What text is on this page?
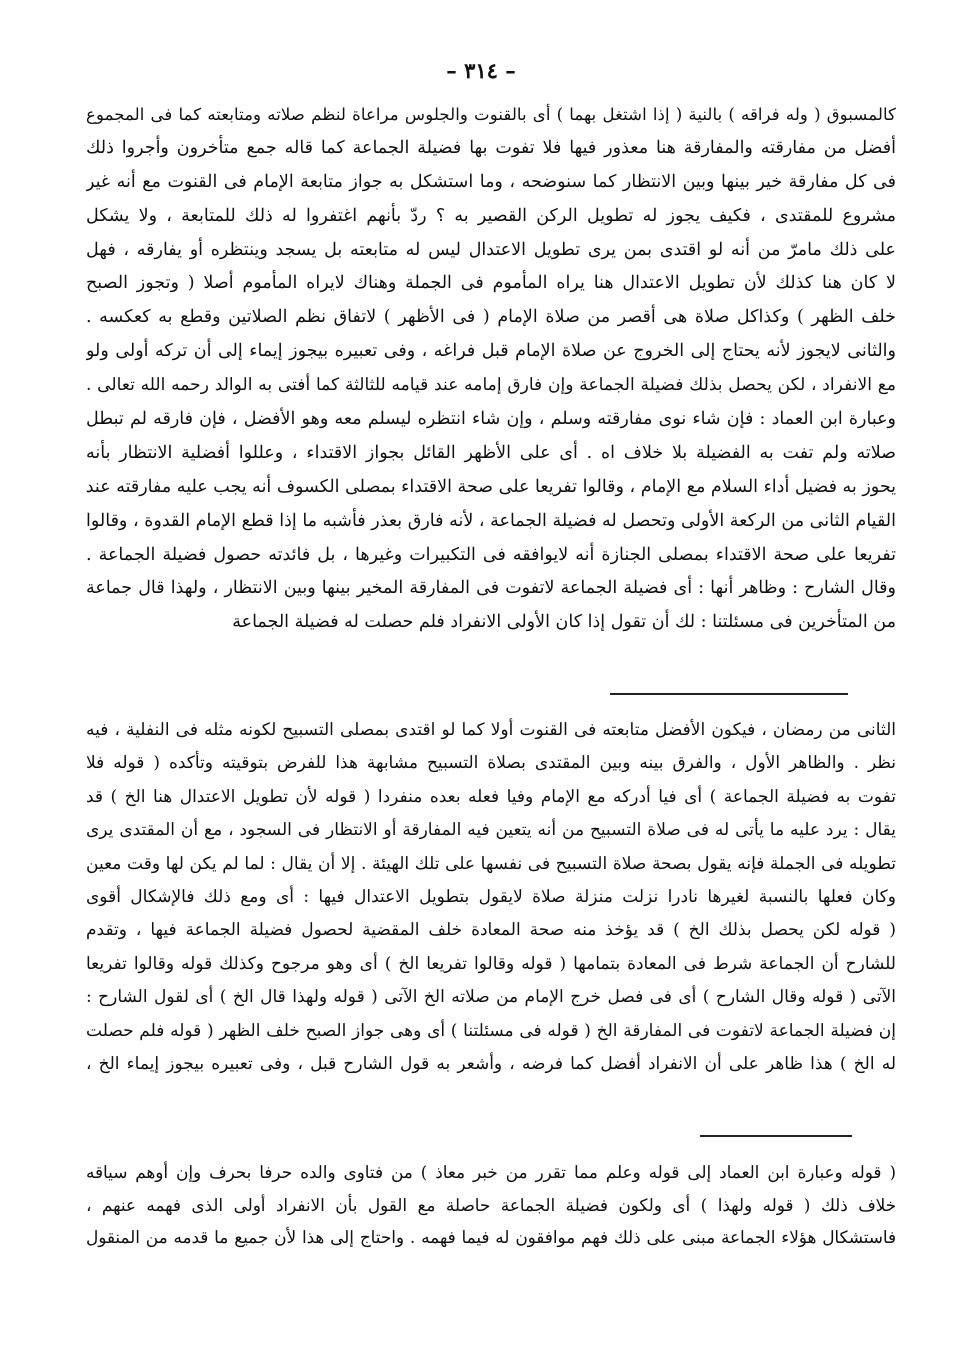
– ٣١٤ –
كالمسبوق ( وله فراقه ) بالنية ( إذا اشتغل بهما ) أى بالقنوت والجلوس مراعاة لنظم صلاته ومتابعته كما فى المجموع
أفضل من مفارقته والمفارقة هنا معذور فيها فلا تفوت بها فضيلة الجماعة كما قاله جمع متأخرون وأجروا ذلك
فى كل مفارقة خير بينها وبين الانتظار كما سنوضحه ، وما استشكل به جواز متابعة الإمام فى القنوت مع أنه غير
مشروع للمقتدى ، فكيف يجوز له تطويل الركن القصير به ؟ ردّ بأنهم اغتفروا له ذلك للمتابعة ، ولا يشكل
على ذلك مامرّ من أنه لو اقتدى بمن يرى تطويل الاعتدال ليس له متابعته بل يسجد وينتظره أو يفارقه ، فهل
لا كان هنا كذلك لأن تطويل الاعتدال هنا يراه المأموم فى الجملة وهناك لايراه المأموم أصلا ( وتجوز الصبح
خلف الظهر ) وكذاكل صلاة هى أقصر من صلاة الإمام ( فى الأظهر ) لاتفاق نظم الصلاتين وقطع به كعكسه .
والثانى لايجوز لأنه يحتاج إلى الخروج عن صلاة الإمام قبل فراغه ، وفى تعبيره بيجوز إيماء إلى أن تركه أولى ولو
مع الانفراد ، لكن يحصل بذلك فضيلة الجماعة وإن فارق إمامه عند قيامه للثالثة كما أفتى به الوالد رحمه الله تعالى .
وعبارة ابن العماد : فإن شاء نوى مفارقته وسلم ، وإن شاء انتظره ليسلم معه وهو الأفضل ، فإن فارقه لم تبطل
صلاته ولم تفت به الفضيلة بلا خلاف اه . أى على الأظهر القائل بجواز الاقتداء ، وعللوا أفضلية الانتظار بأنه
يحوز به فضيل أداء السلام مع الإمام ، وقالوا تفريعا على صحة الاقتداء بمصلى الكسوف أنه يجب عليه مفارقته عند
القيام الثانى من الركعة الأولى وتحصل له فضيلة الجماعة ، لأنه فارق بعذر فأشبه ما إذا قطع الإمام القدوة ، وقالوا
تفريعا على صحة الاقتداء بمصلى الجنازة أنه لايوافقه فى التكبيرات وغيرها ، بل فائدته حصول فضيلة الجماعة .
وقال الشارح : وظاهر أنها : أى فضيلة الجماعة لاتفوت فى المفارقة المخير بينها وبين الانتظار ، ولهذا قال جماعة
من المتأخرين فى مسئلتنا : لك أن تقول إذا كان الأولى الانفراد فلم حصلت له فضيلة الجماعة
الثانى من رمضان ، فيكون الأفضل متابعته فى القنوت أولا كما لو اقتدى بمصلى التسبيح لكونه مثله فى النفلية ، فيه
نظر . والظاهر الأول ، والفرق بينه وبين المقتدى بصلاة التسبيح مشابهة هذا للفرض بتوقيته وتأكده ( قوله فلا
تفوت به فضيلة الجماعة ) أى فيا أدركه مع الإمام وفيا فعله بعده منفردا ( قوله لأن تطويل الاعتدال هنا الخ ) قد
يقال : يرد عليه ما يأتى له فى صلاة التسبيح من أنه يتعين فيه المفارقة أو الانتظار فى السجود ، مع أن المقتدى يرى
تطويله فى الجملة فإنه يقول بصحة صلاة التسبيح فى نفسها على تلك الهيئة . إلا أن يقال : لما لم يكن لها وقت معين
وكان فعلها بالنسبة لغيرها نادرا نزلت منزلة صلاة لايقول بتطويل الاعتدال فيها : أى ومع ذلك فالإشكال أقوى
( قوله لكن يحصل بذلك الخ ) قد يؤخذ منه صحة المعادة خلف المقضية لحصول فضيلة الجماعة فيها ، وتقدم
للشارح أن الجماعة شرط فى المعادة بتمامها ( قوله وقالوا تفريعا الخ ) أى وهو مرجوح وكذلك قوله وقالوا تفريعا
الآتى ( قوله وقال الشارح ) أى فى فصل خرج الإمام من صلاته الخ الآتى ( قوله ولهذا قال الخ ) أى لقول الشارح :
إن فضيلة الجماعة لاتفوت فى المفارقة الخ ( قوله فى مسئلتنا ) أى وهى جواز الصبح خلف الظهر ( قوله فلم حصلت
له الخ ) هذا ظاهر على أن الانفراد أفضل كما فرضه ، وأشعر به قول الشارح قبل ، وفى تعبيره بيجوز إيماء الخ ،
( قوله وعبارة ابن العماد إلى قوله وعلم مما تقرر من خبر معاذ ) من فتاوى والده حرفا بحرف وإن أوهم سياقه
خلاف ذلك ( قوله ولهذا ) أى ولكون فضيلة الجماعة حاصلة مع القول بأن الانفراد أولى الذى فهمه عنهم ،
فاستشكال هؤلاء الجماعة مبنى على ذلك فهم موافقون له فيما فهمه . واحتاج إلى هذا لأن جميع ما قدمه من المنقول
